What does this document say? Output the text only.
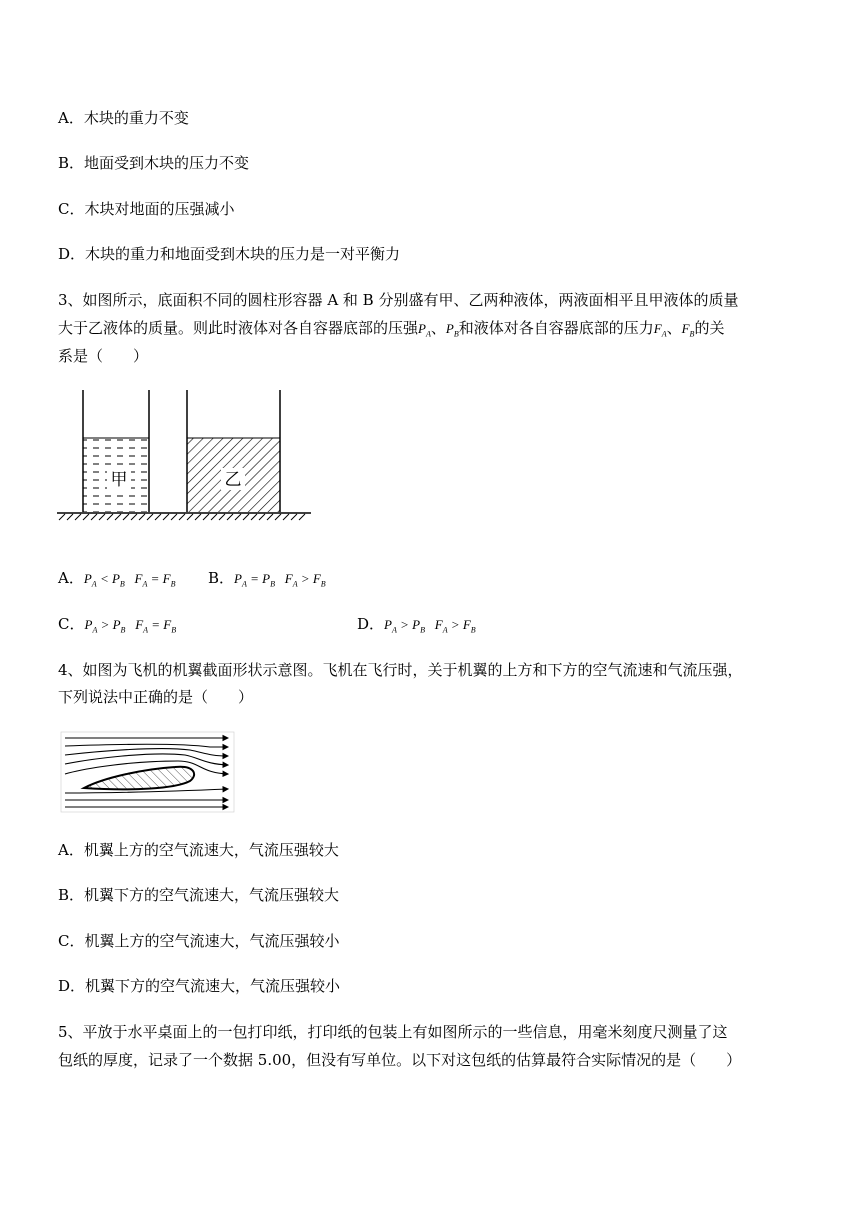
A．木块的重力不变
B．地面受到木块的压力不变
C．木块对地面的压强减小
D．木块的重力和地面受到木块的压力是一对平衡力
3、如图所示，底面积不同的圆柱形容器 A 和 B 分别盛有甲、乙两种液体，两液面相平且甲液体的质量
大于乙液体的质量。则此时液体对各自容器底部的压强$P_A$、$P_B$和液体对各自容器底部的压力$F_A$、$F_B$的关
系是（　　）
甲	乙
A．$P_A < P_B$   $F_A = F_B$ B．$P_A = P_B$   $F_A > F_B$
C．$P_A > P_B$   $F_A = F_B$	D．$P_A > P_B$   $F_A > F_B$
4、如图为飞机的机翼截面形状示意图。飞机在飞行时，关于机翼的上方和下方的空气流速和气流压强，
下列说法中正确的是（　　）
A．机翼上方的空气流速大，气流压强较大
B．机翼下方的空气流速大，气流压强较大
C．机翼上方的空气流速大，气流压强较小
D．机翼下方的空气流速大，气流压强较小
5、平放于水平桌面上的一包打印纸，打印纸的包装上有如图所示的一些信息，用毫米刻度尺测量了这
包纸的厚度，记录了一个数据 5.00，但没有写单位。以下对这包纸的估算最符合实际情况的是（　　）
